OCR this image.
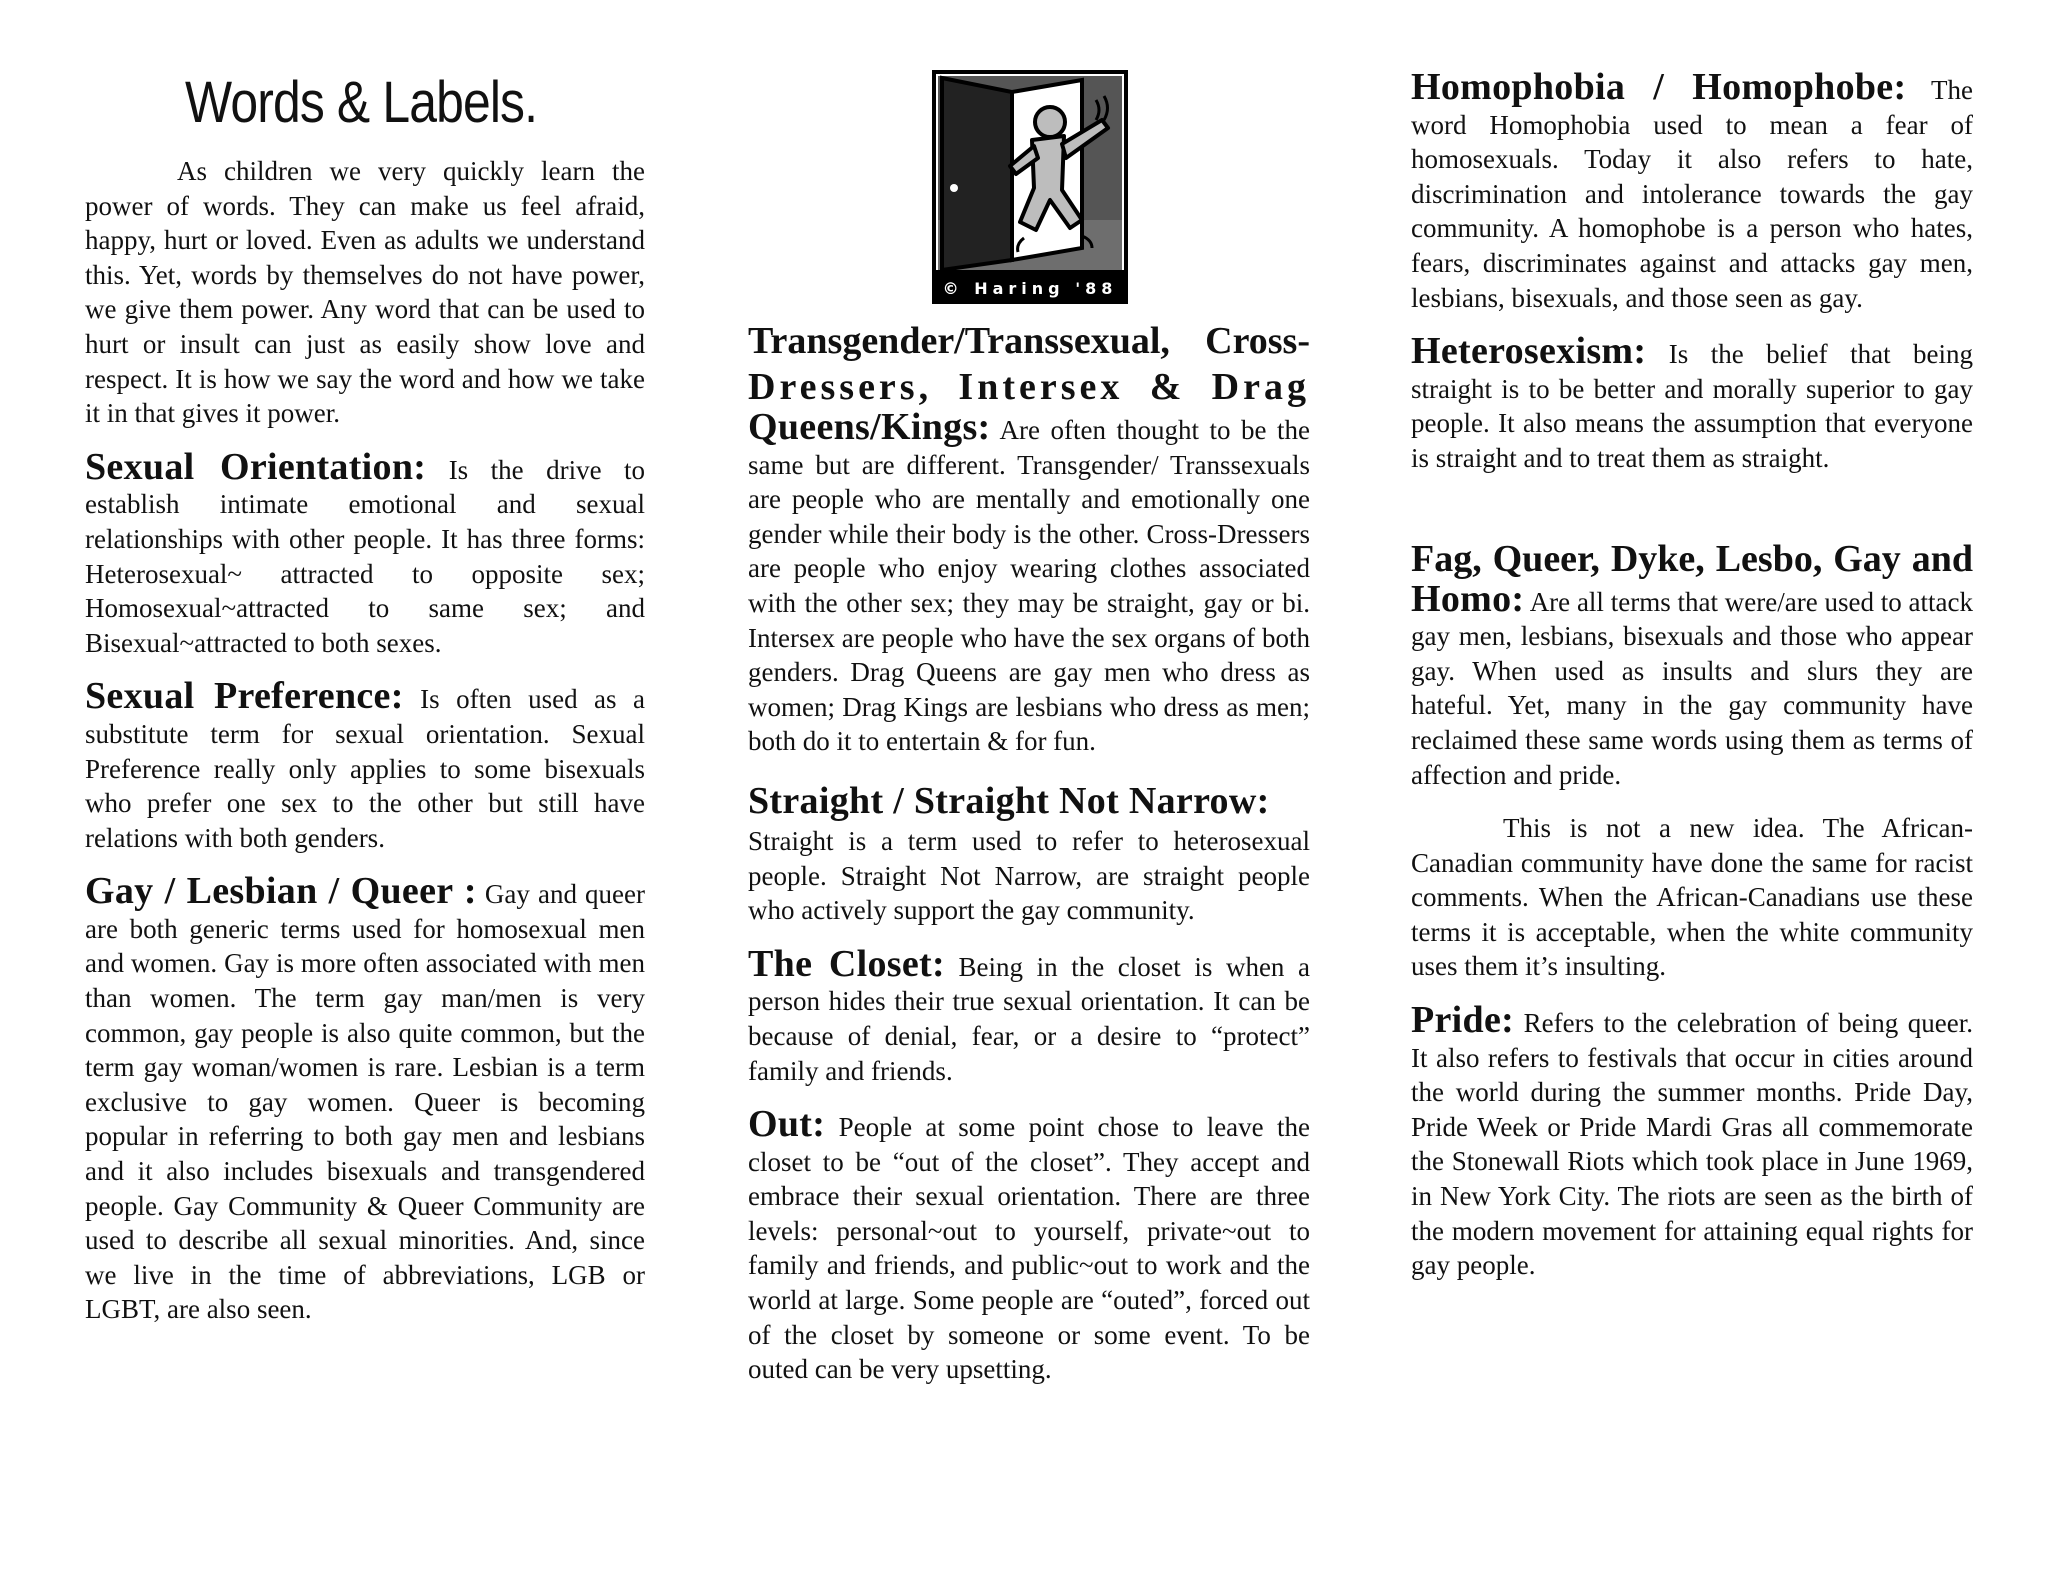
Words & Labels.

As children we very quickly learn the power of words. They can make us feel afraid, happy, hurt or loved. Even as adults we understand this. Yet, words by themselves do not have power, we give them power. Any word that can be used to hurt or insult can just as easily show love and respect. It is how we say the word and how we take it in that gives it power.

Sexual Orientation: Is the drive to establish intimate emotional and sexual relationships with other people. It has three forms: Heterosexual~ attracted to opposite sex; Homosexual~attracted to same sex; and Bisexual~attracted to both sexes.
Sexual Preference: Is often used as a substitute term for sexual orientation. Sexual Preference really only applies to some bisexuals who prefer one sex to the other but still have relations with both genders.
Gay / Lesbian / Queer : Gay and queer are both generic terms used for homosexual men and women. Gay is more often associated with men than women. The term gay man/men is very common, gay people is also quite common, but the term gay woman/women is rare. Lesbian is a term exclusive to gay women. Queer is becoming popular in referring to both gay men and lesbians and it also includes bisexuals and transgendered people. Gay Community & Queer Community are used to describe all sexual minorities. And, since we live in the time of abbreviations, LGB or LGBT, are also seen.
© Haring '88
Transgender/Transsexual, Cross-
Dressers, Intersex & Drag

Queens/Kings: Are often thought to be the same but are different. Transgender/ Transsexuals are people who are mentally and emotionally one gender while their body is the other. Cross-Dressers are people who enjoy wearing clothes associated with the other sex; they may be straight, gay or bi. Intersex are people who have the sex organs of both genders. Drag Queens are gay men who dress as women; Drag Kings are lesbians who dress as men; both do it to entertain & for fun.

Straight / Straight Not Narrow:

Straight is a term used to refer to heterosexual people. Straight Not Narrow, are straight people who actively support the gay community.

The Closet: Being in the closet is when a person hides their true sexual orientation. It can be because of denial, fear, or a desire to “protect” family and friends.
Out: People at some point chose to leave the closet to be “out of the closet”. They accept and embrace their sexual orientation. There are three levels: personal~out to yourself, private~out to family and friends, and public~out to work and the world at large. Some people are “outed”, forced out of the closet by someone or some event. To be outed can be very upsetting.
Homophobia / Homophobe: The word Homophobia used to mean a fear of homosexuals. Today it also refers to hate, discrimination and intolerance towards the gay community. A homophobe is a person who hates, fears, discriminates against and attacks gay men, lesbians, bisexuals, and those seen as gay.
Heterosexism: Is the belief that being straight is to be better and morally superior to gay people. It also means the assumption that everyone is straight and to treat them as straight.
Fag, Queer, Dyke, Lesbo, Gay and

Homo: Are all terms that were/are used to attack gay men, lesbians, bisexuals and those who appear gay. When used as insults and slurs they are hateful. Yet, many in the gay community have reclaimed these same words using them as terms of affection and pride.

This is not a new idea. The African-Canadian community have done the same for racist comments. When the African-Canadians use these terms it is acceptable, when the white community uses them it’s insulting.

Pride: Refers to the celebration of being queer. It also refers to festivals that occur in cities around the world during the summer months. Pride Day, Pride Week or Pride Mardi Gras all commemorate the Stonewall Riots which took place in June 1969, in New York City. The riots are seen as the birth of the modern movement for attaining equal rights for gay people.
